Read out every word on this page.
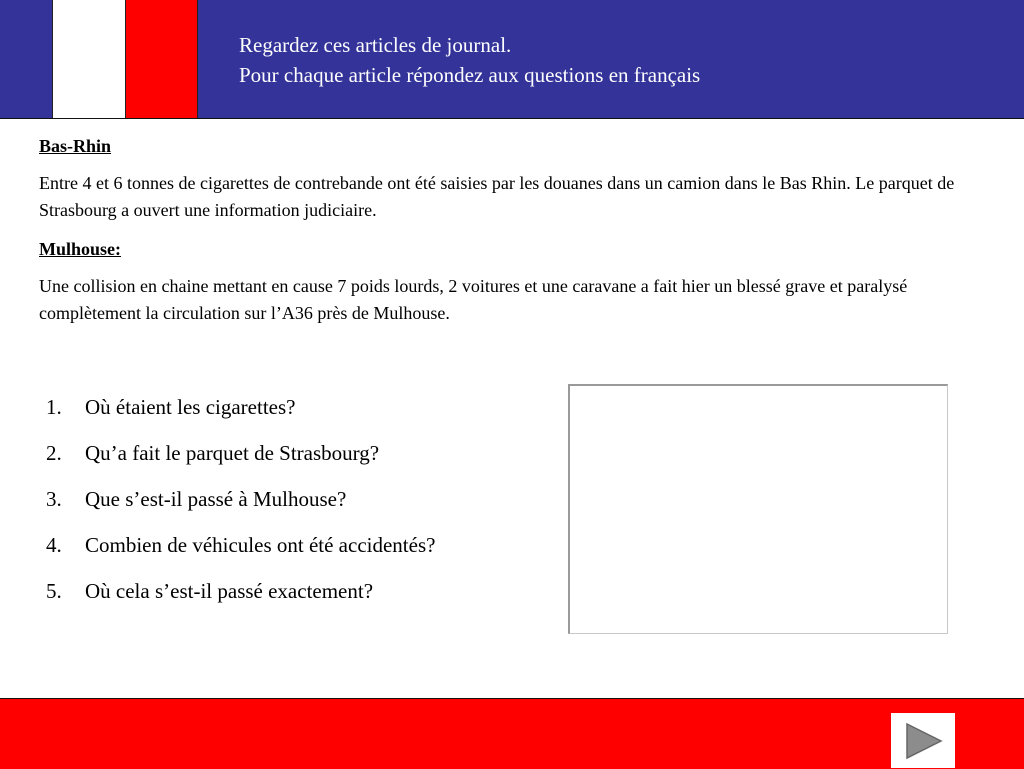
Regardez ces articles de journal.
Pour chaque article répondez aux questions en français
Bas-Rhin

Entre 4 et 6 tonnes de cigarettes de contrebande ont été saisies par les douanes dans un camion dans le Bas Rhin. Le parquet de Strasbourg a ouvert une information judiciaire.

Mulhouse:

Une collision en chaine mettant en cause 7 poids lourds, 2 voitures et une caravane a fait hier un blessé grave et paralysé complètement la circulation sur l’A36 près de Mulhouse.

1.	Où étaient les cigarettes?
2.	Qu’a fait le parquet de Strasbourg?
3.	Que s’est-il passé à Mulhouse?
4.	Combien de véhicules ont été accidentés?
5.	Où cela s’est-il passé exactement?
